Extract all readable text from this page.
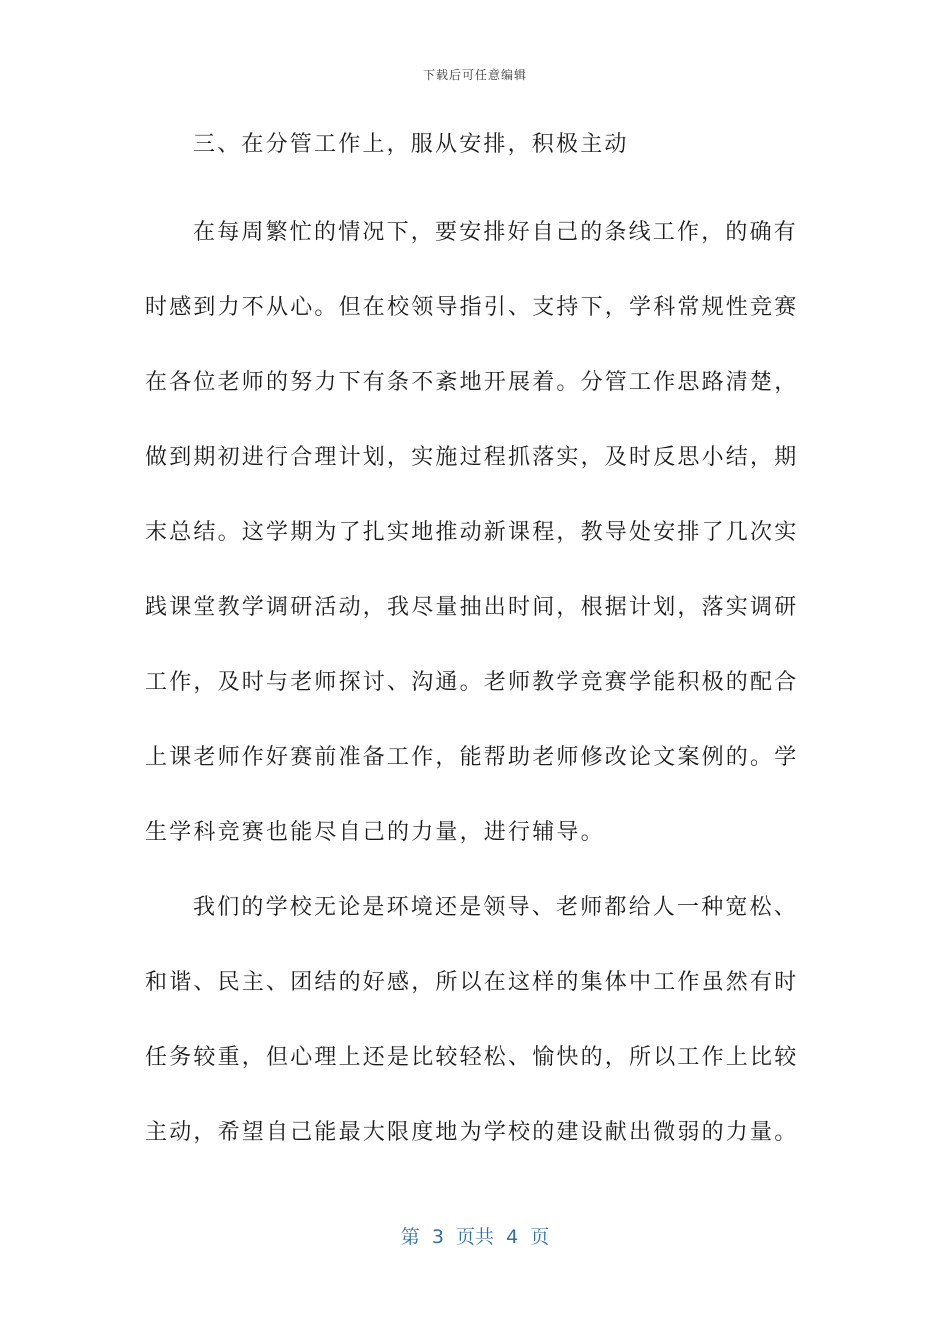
下载后可任意编辑
三、在分管工作上，服从安排，积极主动
在每周繁忙的情况下，要安排好自己的条线工作，的确有
时感到力不从心。但在校领导指引、支持下，学科常规性竞赛
在各位老师的努力下有条不紊地开展着。分管工作思路清楚，
做到期初进行合理计划，实施过程抓落实，及时反思小结，期
末总结。这学期为了扎实地推动新课程，教导处安排了几次实
践课堂教学调研活动，我尽量抽出时间，根据计划，落实调研
工作，及时与老师探讨、沟通。老师教学竞赛学能积极的配合
上课老师作好赛前准备工作，能帮助老师修改论文案例的。学
生学科竞赛也能尽自己的力量，进行辅导。
我们的学校无论是环境还是领导、老师都给人一种宽松、
和谐、民主、团结的好感，所以在这样的集体中工作虽然有时
任务较重，但心理上还是比较轻松、愉快的，所以工作上比较
主动，希望自己能最大限度地为学校的建设献出微弱的力量。
第  3  页共  4  页
